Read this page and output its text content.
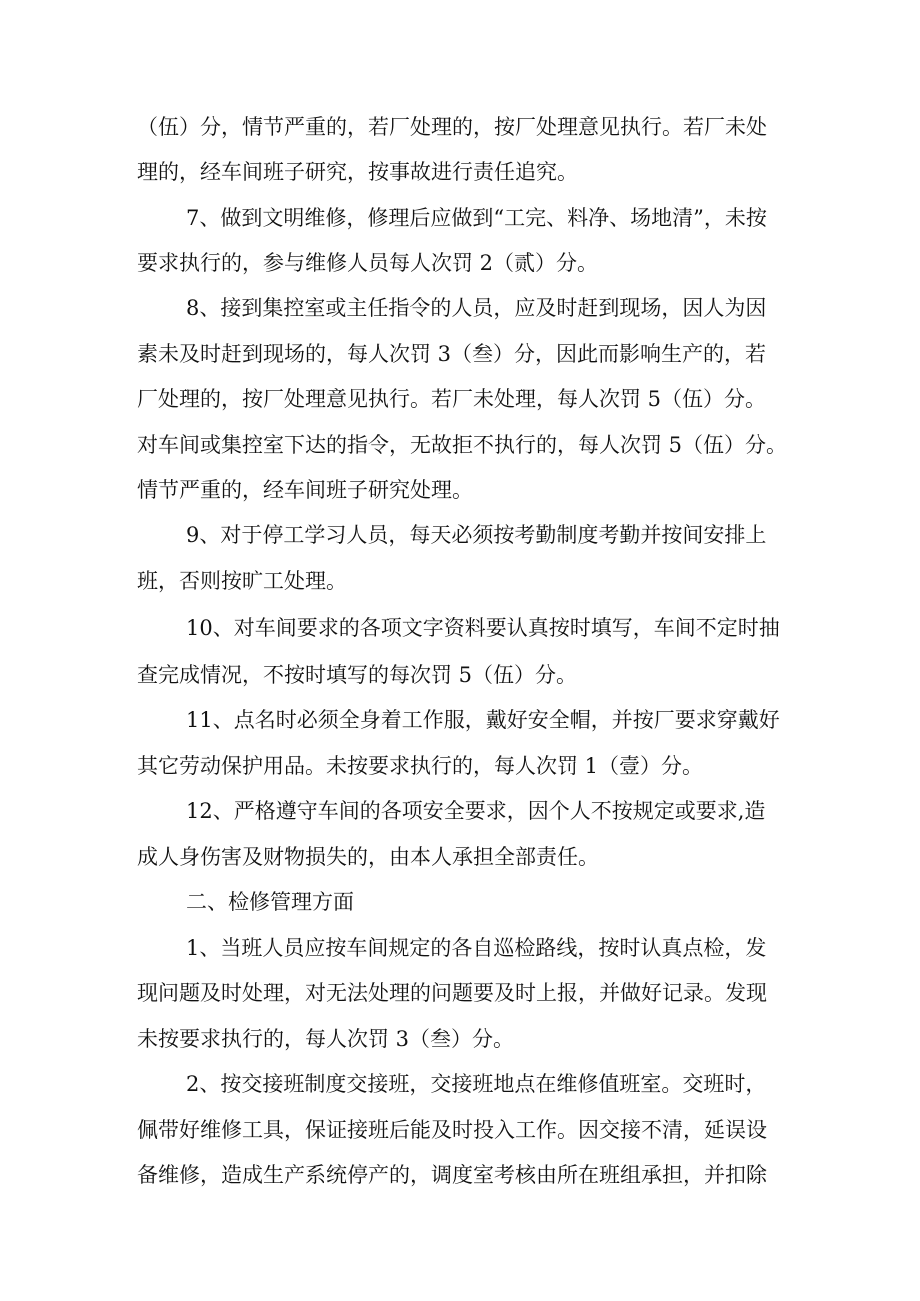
（伍）分，情节严重的，若厂处理的，按厂处理意见执行。若厂未处
理的，经车间班子研究，按事故进行责任追究。
7、做到文明维修，修理后应做到“工完、料净、场地清”，未按
要求执行的，参与维修人员每人次罚 2（贰）分。
8、接到集控室或主任指令的人员，应及时赶到现场，因人为因
素未及时赶到现场的，每人次罚 3（叁）分，因此而影响生产的，若
厂处理的，按厂处理意见执行。若厂未处理，每人次罚 5（伍）分。
对车间或集控室下达的指令，无故拒不执行的，每人次罚 5（伍）分。
情节严重的，经车间班子研究处理。
9、对于停工学习人员，每天必须按考勤制度考勤并按间安排上
班，否则按旷工处理。
10、对车间要求的各项文字资料要认真按时填写，车间不定时抽
查完成情况，不按时填写的每次罚 5（伍）分。
11、点名时必须全身着工作服，戴好安全帽，并按厂要求穿戴好
其它劳动保护用品。未按要求执行的，每人次罚 1（壹）分。
12、严格遵守车间的各项安全要求，因个人不按规定或要求,造
成人身伤害及财物损失的，由本人承担全部责任。
二、检修管理方面
1、当班人员应按车间规定的各自巡检路线，按时认真点检，发
现问题及时处理，对无法处理的问题要及时上报，并做好记录。发现
未按要求执行的，每人次罚 3（叁）分。
2、按交接班制度交接班，交接班地点在维修值班室。交班时，
佩带好维修工具，保证接班后能及时投入工作。因交接不清，延误设
备维修，造成生产系统停产的，调度室考核由所在班组承担，并扣除
